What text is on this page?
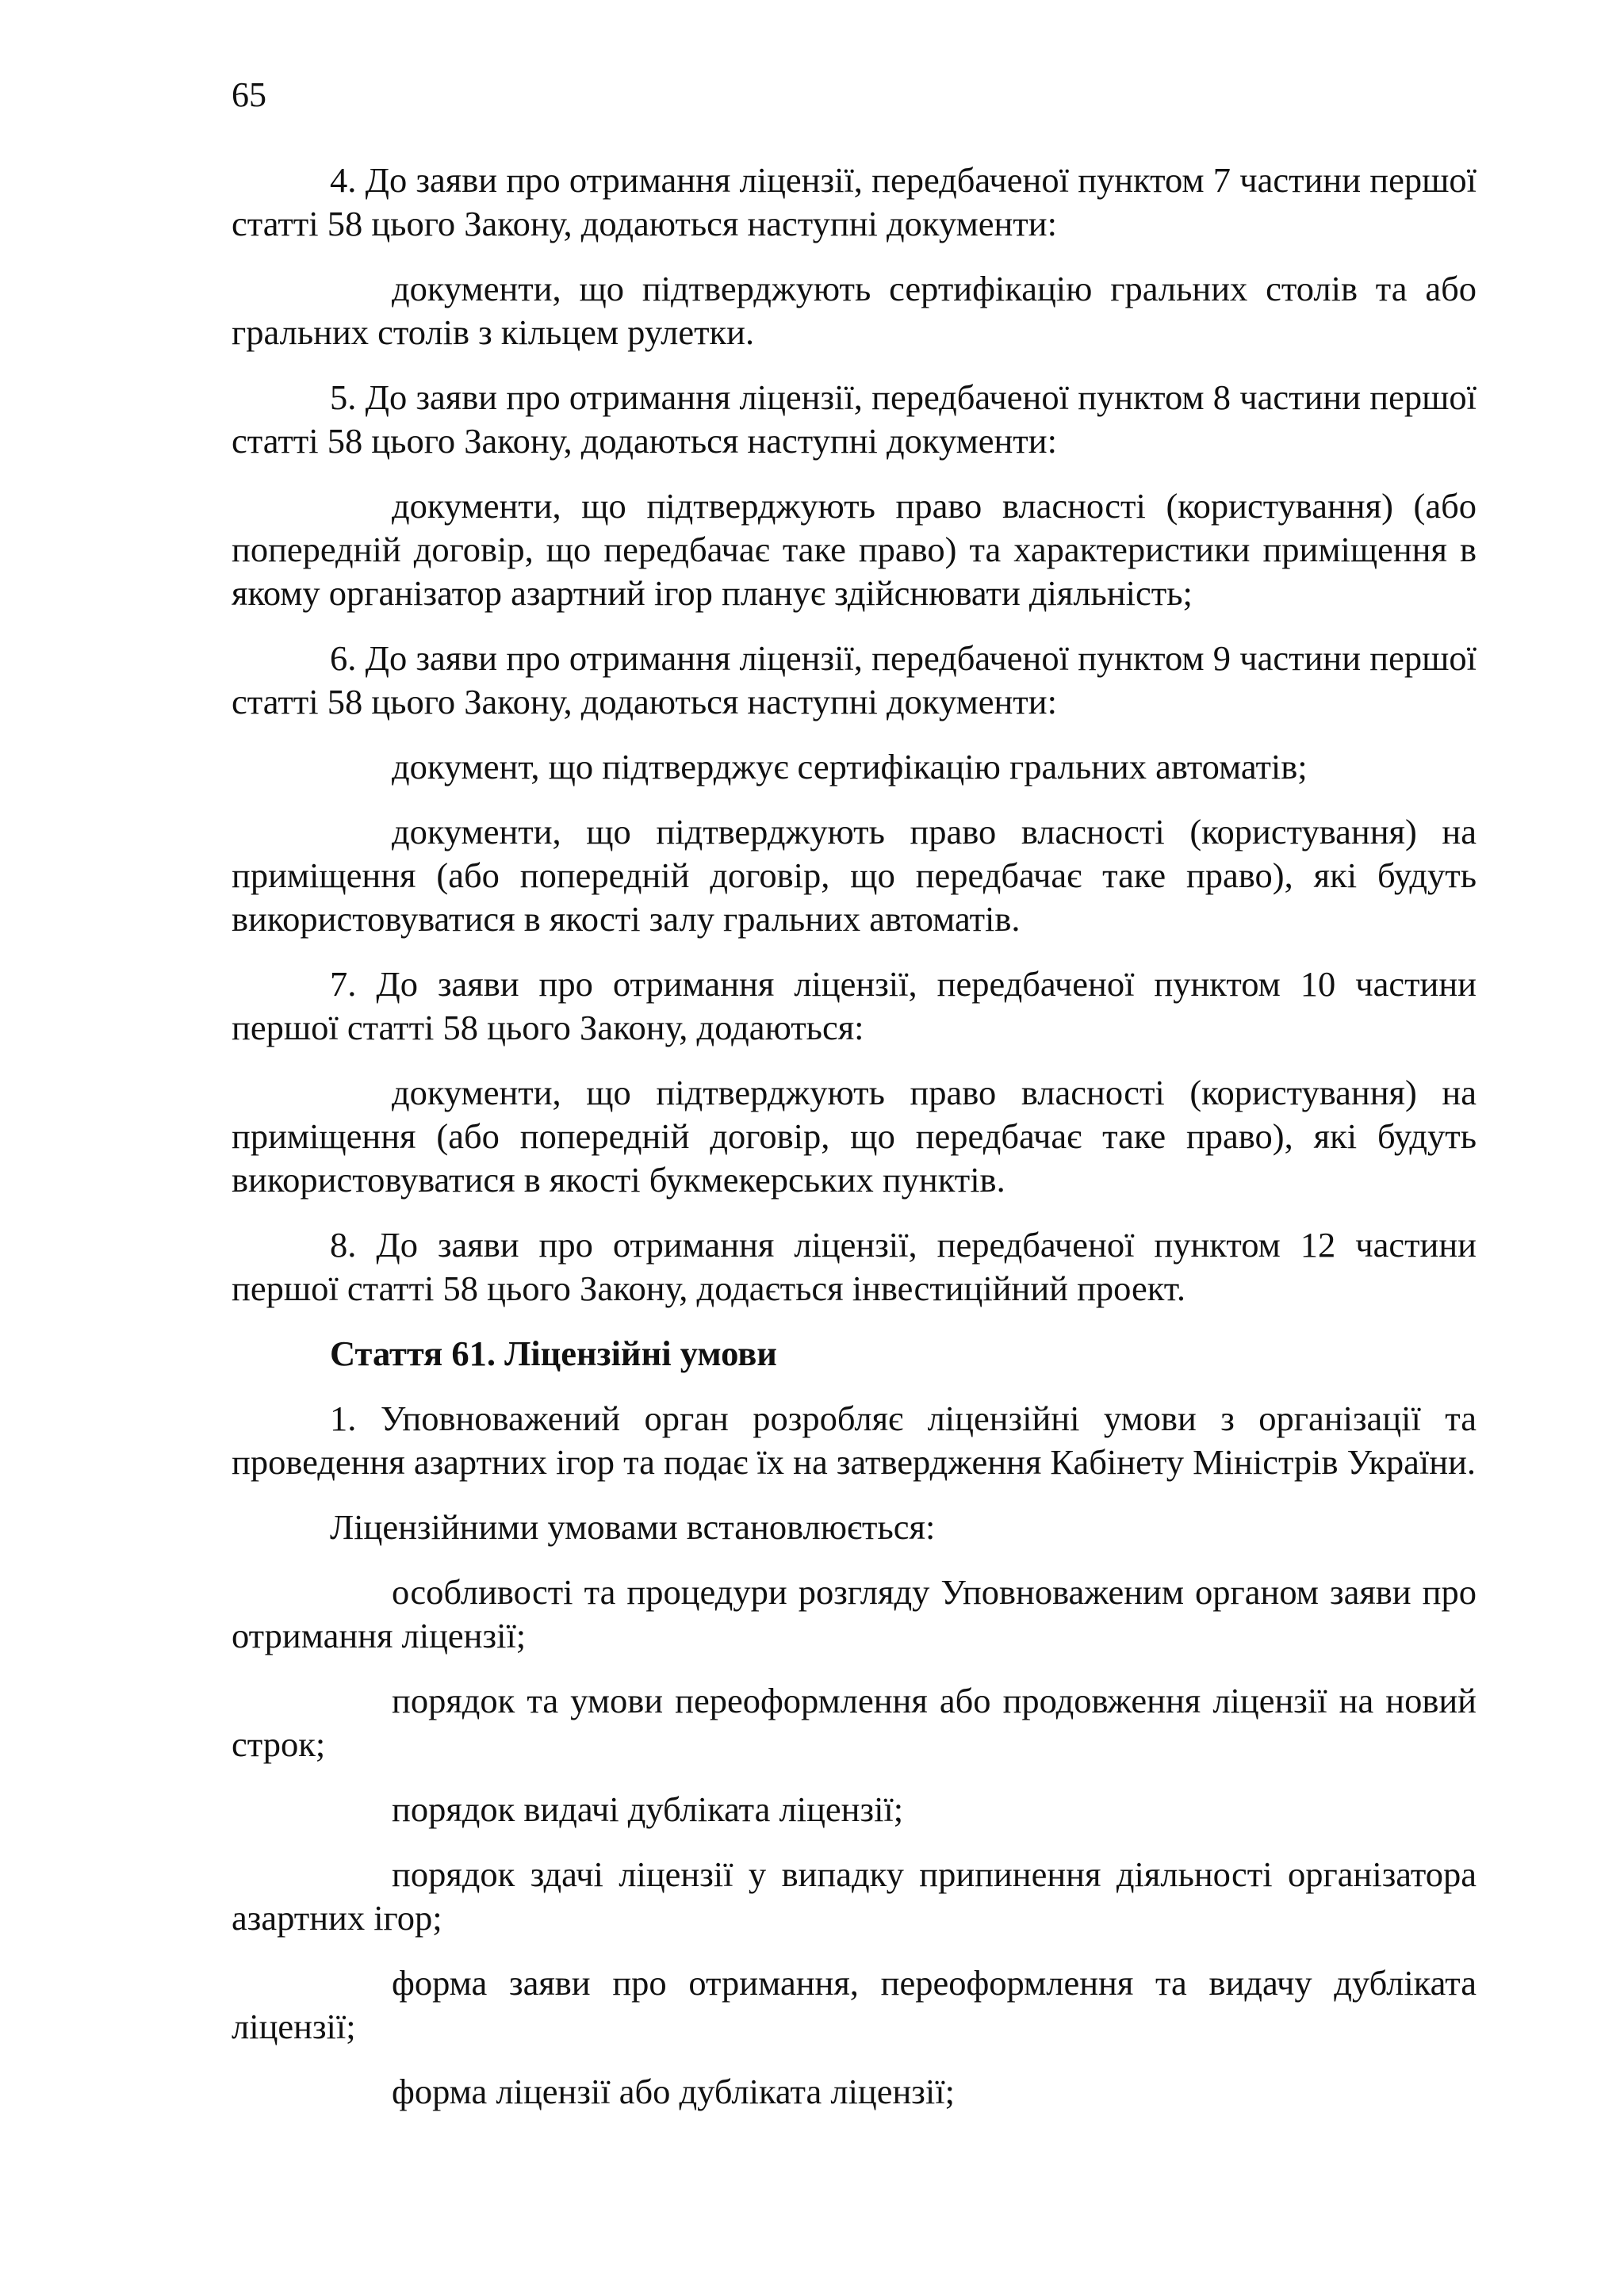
65

4. До заяви про отримання ліцензії, передбаченої пунктом 7 частини першої статті 58 цього Закону, додаються наступні документи:

документи, що підтверджують сертифікацію гральних столів та або гральних столів з кільцем рулетки.

5. До заяви про отримання ліцензії, передбаченої пунктом 8 частини першої статті 58 цього Закону, додаються наступні документи:

документи, що підтверджують право власності (користування) (або попередній договір, що передбачає таке право) та характеристики приміщення в якому організатор азартний ігор планує здійснювати діяльність;

6. До заяви про отримання ліцензії, передбаченої пунктом 9 частини першої статті 58 цього Закону, додаються наступні документи:

документ, що підтверджує сертифікацію гральних автоматів;

документи, що підтверджують право власності (користування) на приміщення (або попередній договір, що передбачає таке право), які будуть використовуватися в якості залу гральних автоматів.

7. До заяви про отримання ліцензії, передбаченої пунктом 10 частини першої статті 58 цього Закону, додаються:

документи, що підтверджують право власності (користування) на приміщення (або попередній договір, що передбачає таке право), які будуть використовуватися в якості букмекерських пунктів.

8. До заяви про отримання ліцензії, передбаченої пунктом 12 частини першої статті 58 цього Закону, додається інвестиційний проект.

Стаття 61. Ліцензійні умови

1. Уповноважений орган розробляє ліцензійні умови з організації та проведення азартних ігор та подає їх на затвердження Кабінету Міністрів України.

Ліцензійними умовами встановлюється:

особливості та процедури розгляду Уповноваженим органом заяви про отримання ліцензії;

порядок та умови переоформлення або продовження ліцензії на новий строк;

порядок видачі дубліката ліцензії;

порядок здачі ліцензії у випадку припинення діяльності організатора азартних ігор;

форма заяви про отримання, переоформлення та видачу дубліката ліцензії;

форма ліцензії або дубліката ліцензії;
